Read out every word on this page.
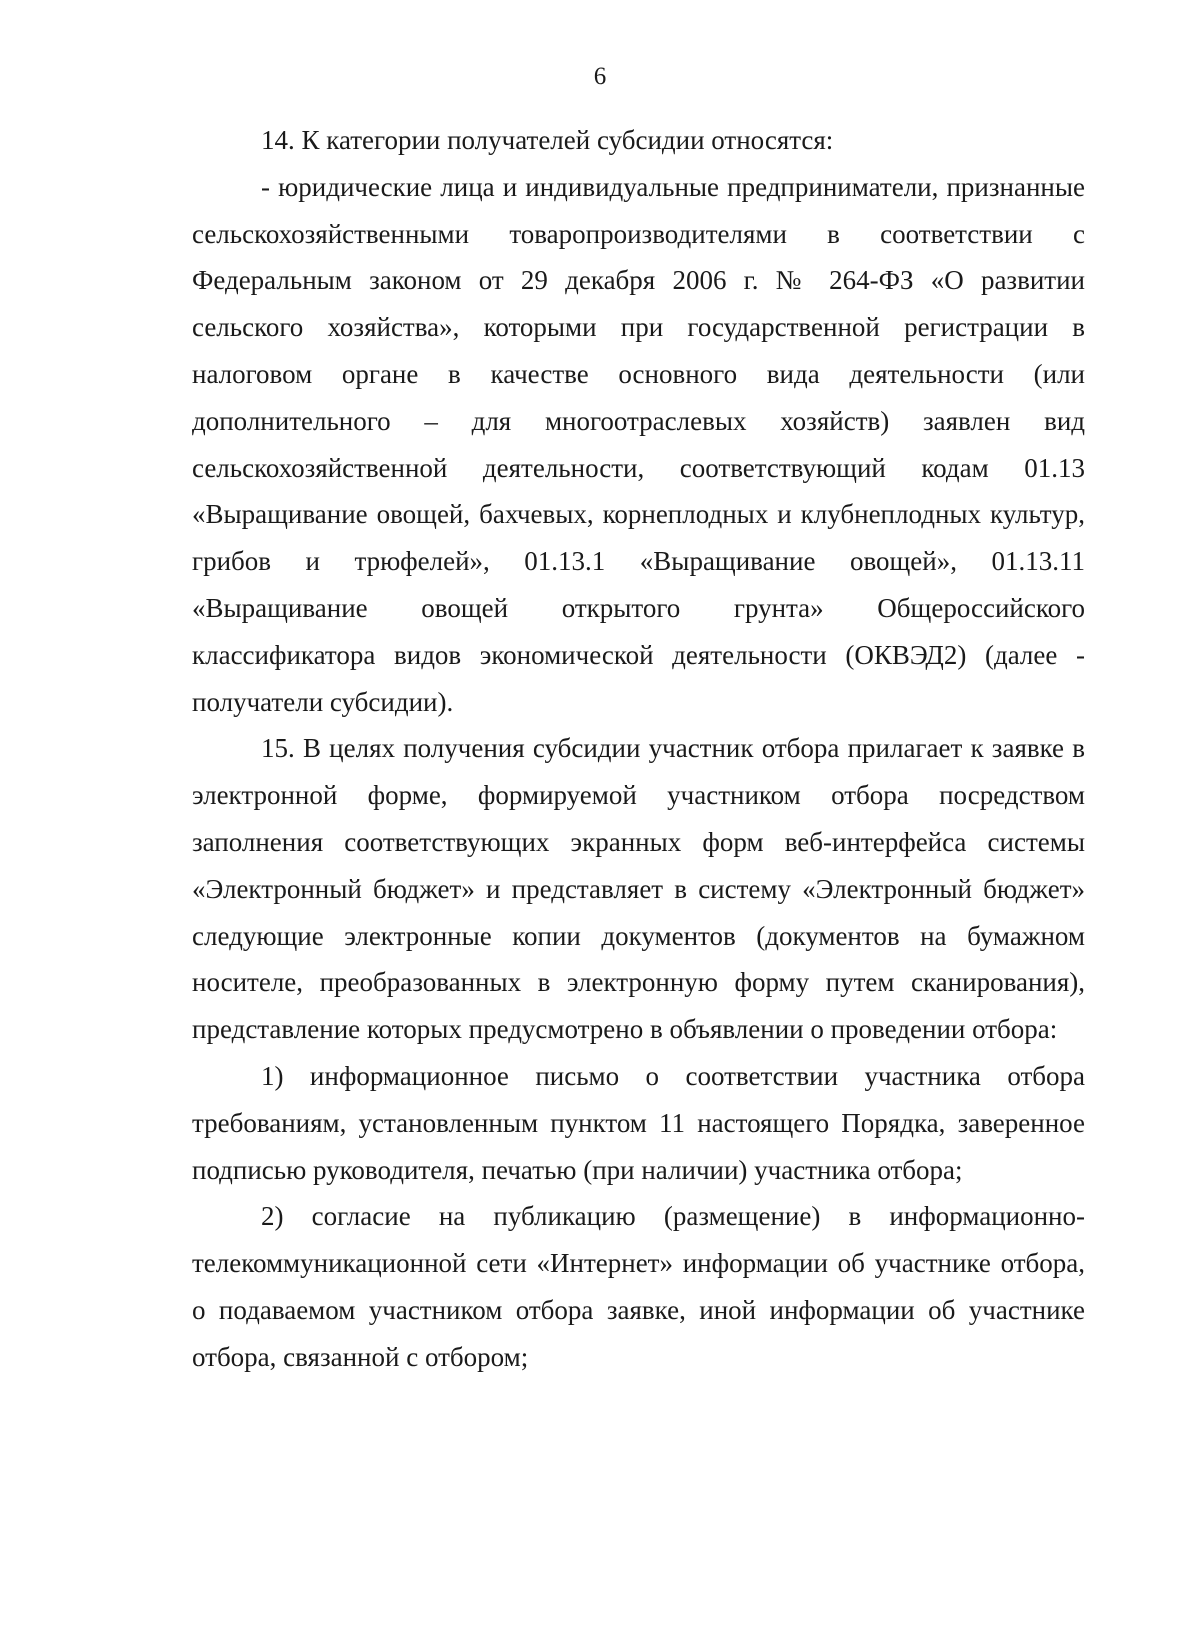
6

14. К категории получателей субсидии относятся:

- юридические лица и индивидуальные предприниматели, признанные сельскохозяйственными товаропроизводителями в соответствии с Федеральным законом от 29 декабря 2006 г. № 264-ФЗ «О развитии сельского хозяйства», которыми при государственной регистрации в налоговом органе в качестве основного вида деятельности (или дополнительного – для многоотраслевых хозяйств) заявлен вид сельскохозяйственной деятельности, соответствующий кодам 01.13 «Выращивание овощей, бахчевых, корнеплодных и клубнеплодных культур, грибов и трюфелей», 01.13.1 «Выращивание овощей», 01.13.11 «Выращивание овощей открытого грунта» Общероссийского классификатора видов экономической деятельности (ОКВЭД2) (далее - получатели субсидии).

15. В целях получения субсидии участник отбора прилагает к заявке в электронной форме, формируемой участником отбора посредством заполнения соответствующих экранных форм веб-интерфейса системы «Электронный бюджет» и представляет в систему «Электронный бюджет» следующие электронные копии документов (документов на бумажном носителе, преобразованных в электронную форму путем сканирования), представление которых предусмотрено в объявлении о проведении отбора:

1) информационное письмо о соответствии участника отбора требованиям, установленным пунктом 11 настоящего Порядка, заверенное подписью руководителя, печатью (при наличии) участника отбора;

2) согласие на публикацию (размещение) в информационно-телекоммуникационной сети «Интернет» информации об участнике отбора, о подаваемом участником отбора заявке, иной информации об участнике отбора, связанной с отбором;
